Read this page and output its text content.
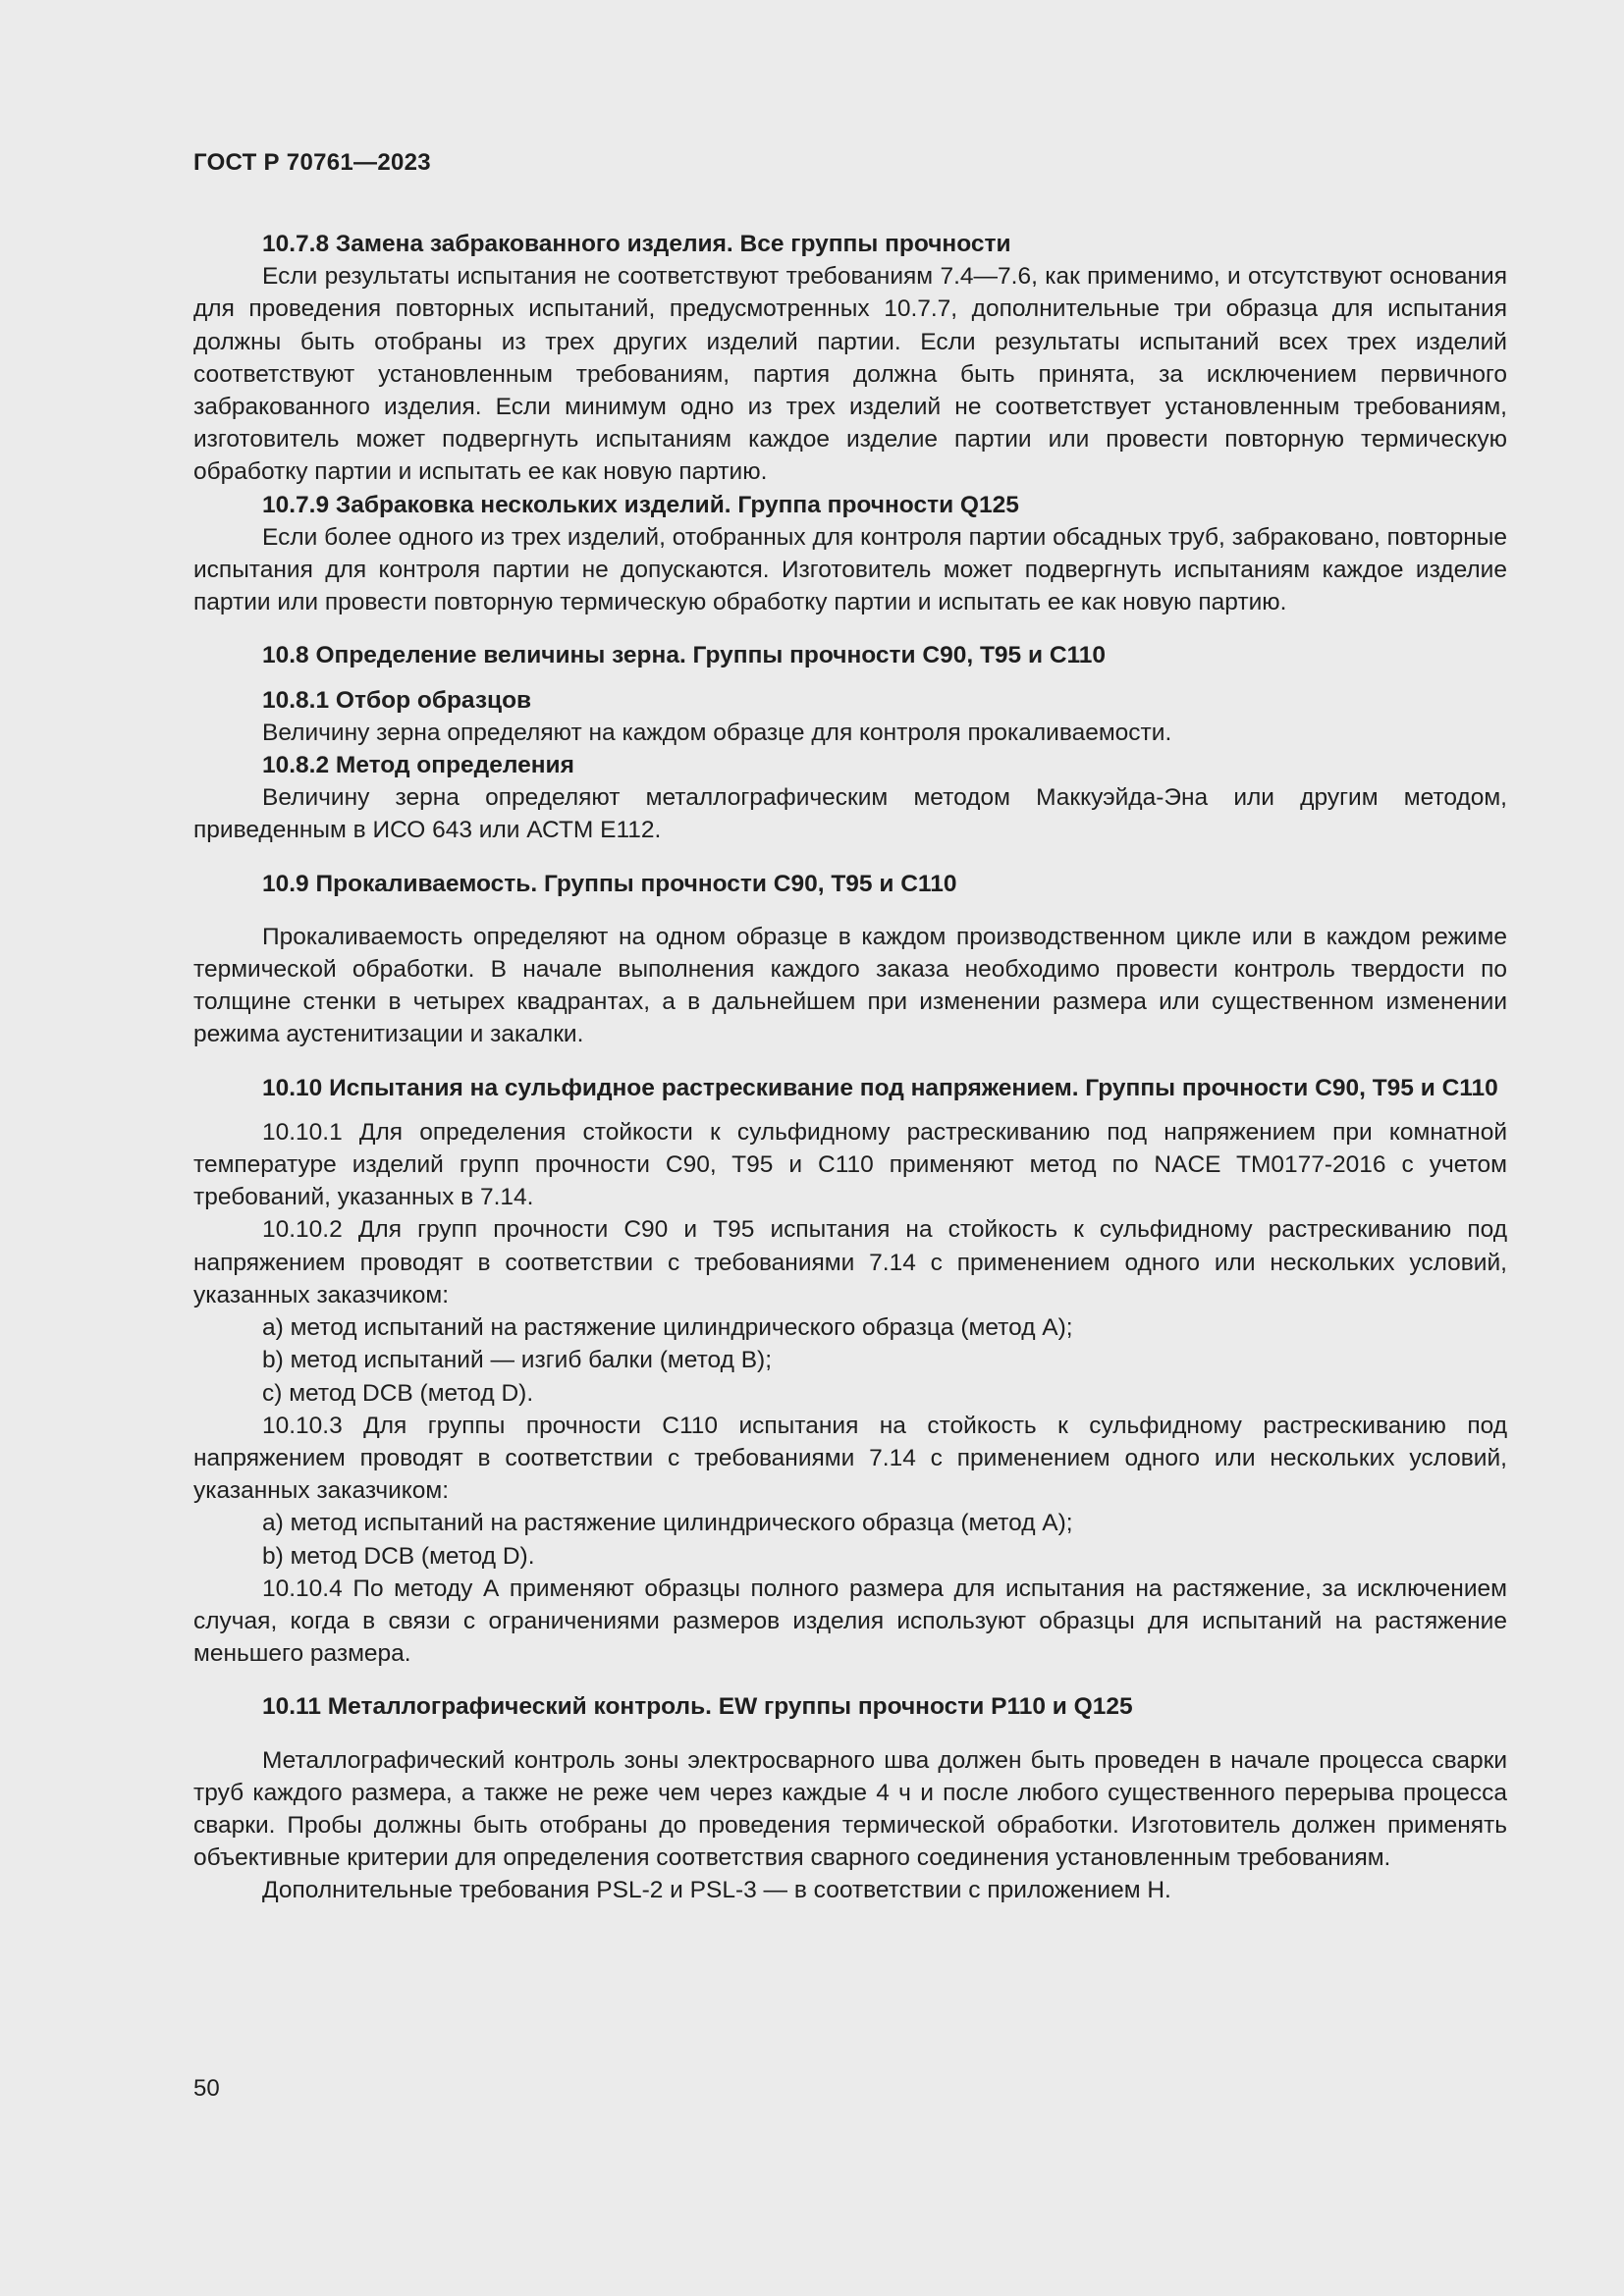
ГОСТ Р 70761—2023
10.7.8 Замена забракованного изделия. Все группы прочности
Если результаты испытания не соответствуют требованиям 7.4—7.6, как применимо, и отсутствуют основания для проведения повторных испытаний, предусмотренных 10.7.7, дополнительные три образца для испытания должны быть отобраны из трех других изделий партии. Если результаты испытаний всех трех изделий соответствуют установленным требованиям, партия должна быть принята, за исключением первичного забракованного изделия. Если минимум одно из трех изделий не соответствует установленным требованиям, изготовитель может подвергнуть испытаниям каждое изделие партии или провести повторную термическую обработку партии и испытать ее как новую партию.
10.7.9 Забраковка нескольких изделий. Группа прочности Q125
Если более одного из трех изделий, отобранных для контроля партии обсадных труб, забраковано, повторные испытания для контроля партии не допускаются. Изготовитель может подвергнуть испытаниям каждое изделие партии или провести повторную термическую обработку партии и испытать ее как новую партию.
10.8 Определение величины зерна. Группы прочности C90, T95 и C110
10.8.1 Отбор образцов
Величину зерна определяют на каждом образце для контроля прокаливаемости.
10.8.2 Метод определения
Величину зерна определяют металлографическим методом Маккуэйда-Эна или другим методом, приведенным в ИСО 643 или АСТМ Е112.
10.9 Прокаливаемость. Группы прочности C90, T95 и C110
Прокаливаемость определяют на одном образце в каждом производственном цикле или в каждом режиме термической обработки. В начале выполнения каждого заказа необходимо провести контроль твердости по толщине стенки в четырех квадрантах, а в дальнейшем при изменении размера или существенном изменении режима аустенитизации и закалки.
10.10 Испытания на сульфидное растрескивание под напряжением. Группы прочности C90, T95 и C110
10.10.1 Для определения стойкости к сульфидному растрескиванию под напряжением при комнатной температуре изделий групп прочности C90, T95 и C110 применяют метод по NACE TM0177-2016 с учетом требований, указанных в 7.14.
10.10.2 Для групп прочности C90 и T95 испытания на стойкость к сульфидному растрескиванию под напряжением проводят в соответствии с требованиями 7.14 с применением одного или нескольких условий, указанных заказчиком:
a) метод испытаний на растяжение цилиндрического образца (метод А);
b) метод испытаний — изгиб балки (метод В);
c) метод DCB (метод D).
10.10.3 Для группы прочности C110 испытания на стойкость к сульфидному растрескиванию под напряжением проводят в соответствии с требованиями 7.14 с применением одного или нескольких условий, указанных заказчиком:
a) метод испытаний на растяжение цилиндрического образца (метод А);
b) метод DCB (метод D).
10.10.4 По методу А применяют образцы полного размера для испытания на растяжение, за исключением случая, когда в связи с ограничениями размеров изделия используют образцы для испытаний на растяжение меньшего размера.
10.11 Металлографический контроль. EW группы прочности P110 и Q125
Металлографический контроль зоны электросварного шва должен быть проведен в начале процесса сварки труб каждого размера, а также не реже чем через каждые 4 ч и после любого существенного перерыва процесса сварки. Пробы должны быть отобраны до проведения термической обработки. Изготовитель должен применять объективные критерии для определения соответствия сварного соединения установленным требованиям.
Дополнительные требования PSL-2 и PSL-3 — в соответствии с приложением H.
50
